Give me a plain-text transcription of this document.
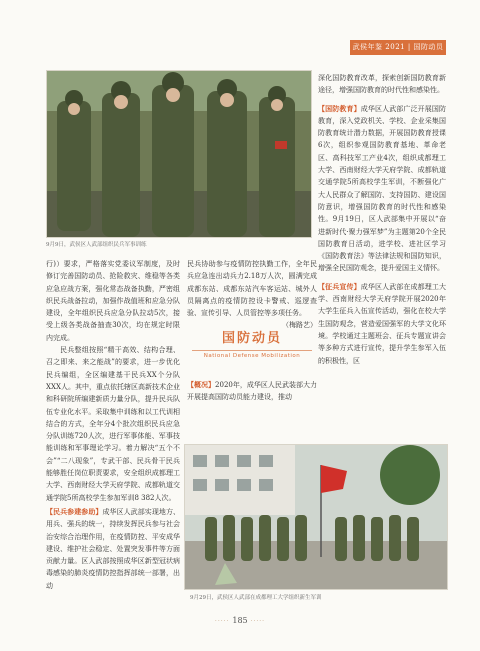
武侯年鉴 2021 | 国防动员
9月9日，武侯区人武部组织民兵军事训练

行)）要求，严格落实党委议军制度，及时修订完善国防动员、抢险救灾、维稳等各类应急应战方案，强化常态战备执勤，严密组织民兵战备拉动，加强作战值班和应急分队建设，全年组织民兵应急分队拉动5次，接受上级各类战备抽查30次，均在规定时限内完成。

民兵整组按照“精干高效、结构合理、召之即来、来之能战”的要求，进一步优化民兵编组，全区编建基干民兵XX个分队XXX人。其中，重点依托辖区高新技术企业和科研院所编建新质力量分队，提升民兵队伍专业化水平。采取集中训练和以工代训相结合的方式，全年分4个批次组织民兵应急分队训练720人次，进行军事体能、军事技能训练和军事理论学习。着力解决“五个不会”“二八现象”，专武干部、民兵骨干民兵能够胜任岗位职责要求，安全组织成都理工大学、西南财经大学天府学院、成都轨道交通学院5所高校学生参加军训8 382人次。

【民兵参建参助】成华区人武部实现地方、用兵、强兵的统一，持续发挥民兵参与社会治安综合治理作用，在疫情防控、平安成华建设、维护社会稳定、处置突发事件等方面贡献力量。区人武部按照成华区新型冠状病毒感染的肺炎疫情防控指挥部统一部署，出动

民兵协助参与疫情防控执勤工作，全年民兵应急连出动兵力2.18万人次，圆满完成成都东站、成都东站汽车客运站、城外人员隔离点的疫情防控设卡警戒、巡逻查验、宣传引导、人员管控等多项任务。

（梅路艺）
国防动员
National Defense Mobilization

【概况】2020年，成华区人民武装部大力开展提高国防动员能力建设，推动

深化国防教育改革，探索创新国防教育新途径，增强国防教育的时代性和感染性。

【国防教育】成华区人武部广泛开展国防教育，深入党政机关、学校、企业采集国防教育统计潜力数据，开展国防教育授课6次，组织参观国防教育基地、革命老区、高科技军工产业4次，组织成都理工大学、西南财经大学天府学院、成都轨道交通学院5所高校学生军训，不断强化广大人民群众了解国防、支持国防、建设国防意识，增强国防教育的时代性和感染性。9月19日，区人武部集中开展以“奋进新时代·聚力强军梦”为主题第20个全民国防教育日活动，进学校、进社区学习《国防教育法》等法律法规和国防知识，增强全民国防观念，提升爱国主义情怀。

【征兵宣传】成华区人武部在成都理工大学、西南财经大学天府学院开展2020年大学生征兵入伍宣传活动，强化在校大学生国防观念，营造爱国强军的大学文化环境。学校通过主题班会、征兵专题宣讲会等多种方式进行宣传，提升学生参军入伍的积极性，区

9月29日，武侯区人武部在成都理工大学组织新生军训
····· 185 ·····
